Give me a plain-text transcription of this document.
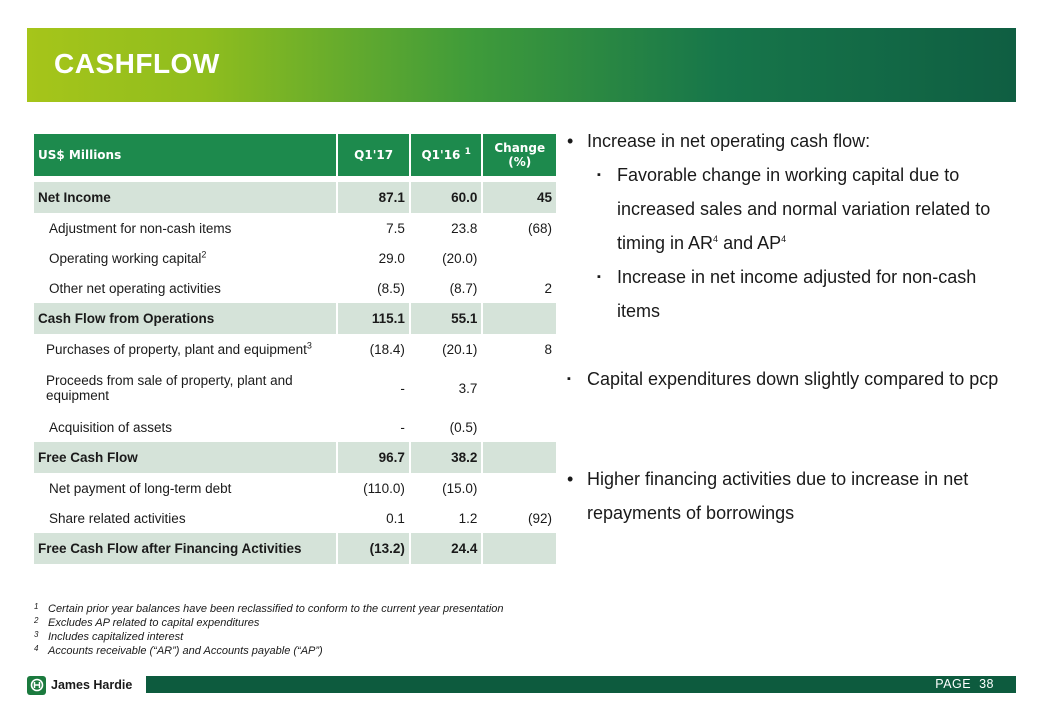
CASHFLOW
US$ Millions	Q1'17	Q1'16 $^1$	Change (%)

Net Income	87.1	60.0	45
Adjustment for non-cash items	7.5	23.8	(68)
Operating working capital$^2$	29.0	(20.0)	
Other net operating activities	(8.5)	(8.7)	2
Cash Flow from Operations	115.1	55.1	
Purchases of property, plant and equipment$^3$	(18.4)	(20.1)	8
Proceeds from sale of property, plant and equipment	-	3.7	
Acquisition of assets	-	(0.5)	
Free Cash Flow	96.7	38.2	
Net payment of long-term debt	(110.0)	(15.0)	
Share related activities	0.1	1.2	(92)
Free Cash Flow after Financing Activities	(13.2)	24.4	
• Increase in net operating cash flow:
▪ Favorable change in working capital due to increased sales and normal variation related to timing in $AR^4$ and $AP^4$
▪ Increase in net income adjusted for non-cash items
▪ Capital expenditures down slightly compared to pcp
• Higher financing activities due to increase in net repayments of borrowings
1 Certain prior year balances have been reclassified to conform to the current year presentation
2 Excludes AP related to capital expenditures
3 Includes capitalized interest
4 Accounts receivable (“AR”) and Accounts payable (“AP”)
James Hardie	PAGE 38
